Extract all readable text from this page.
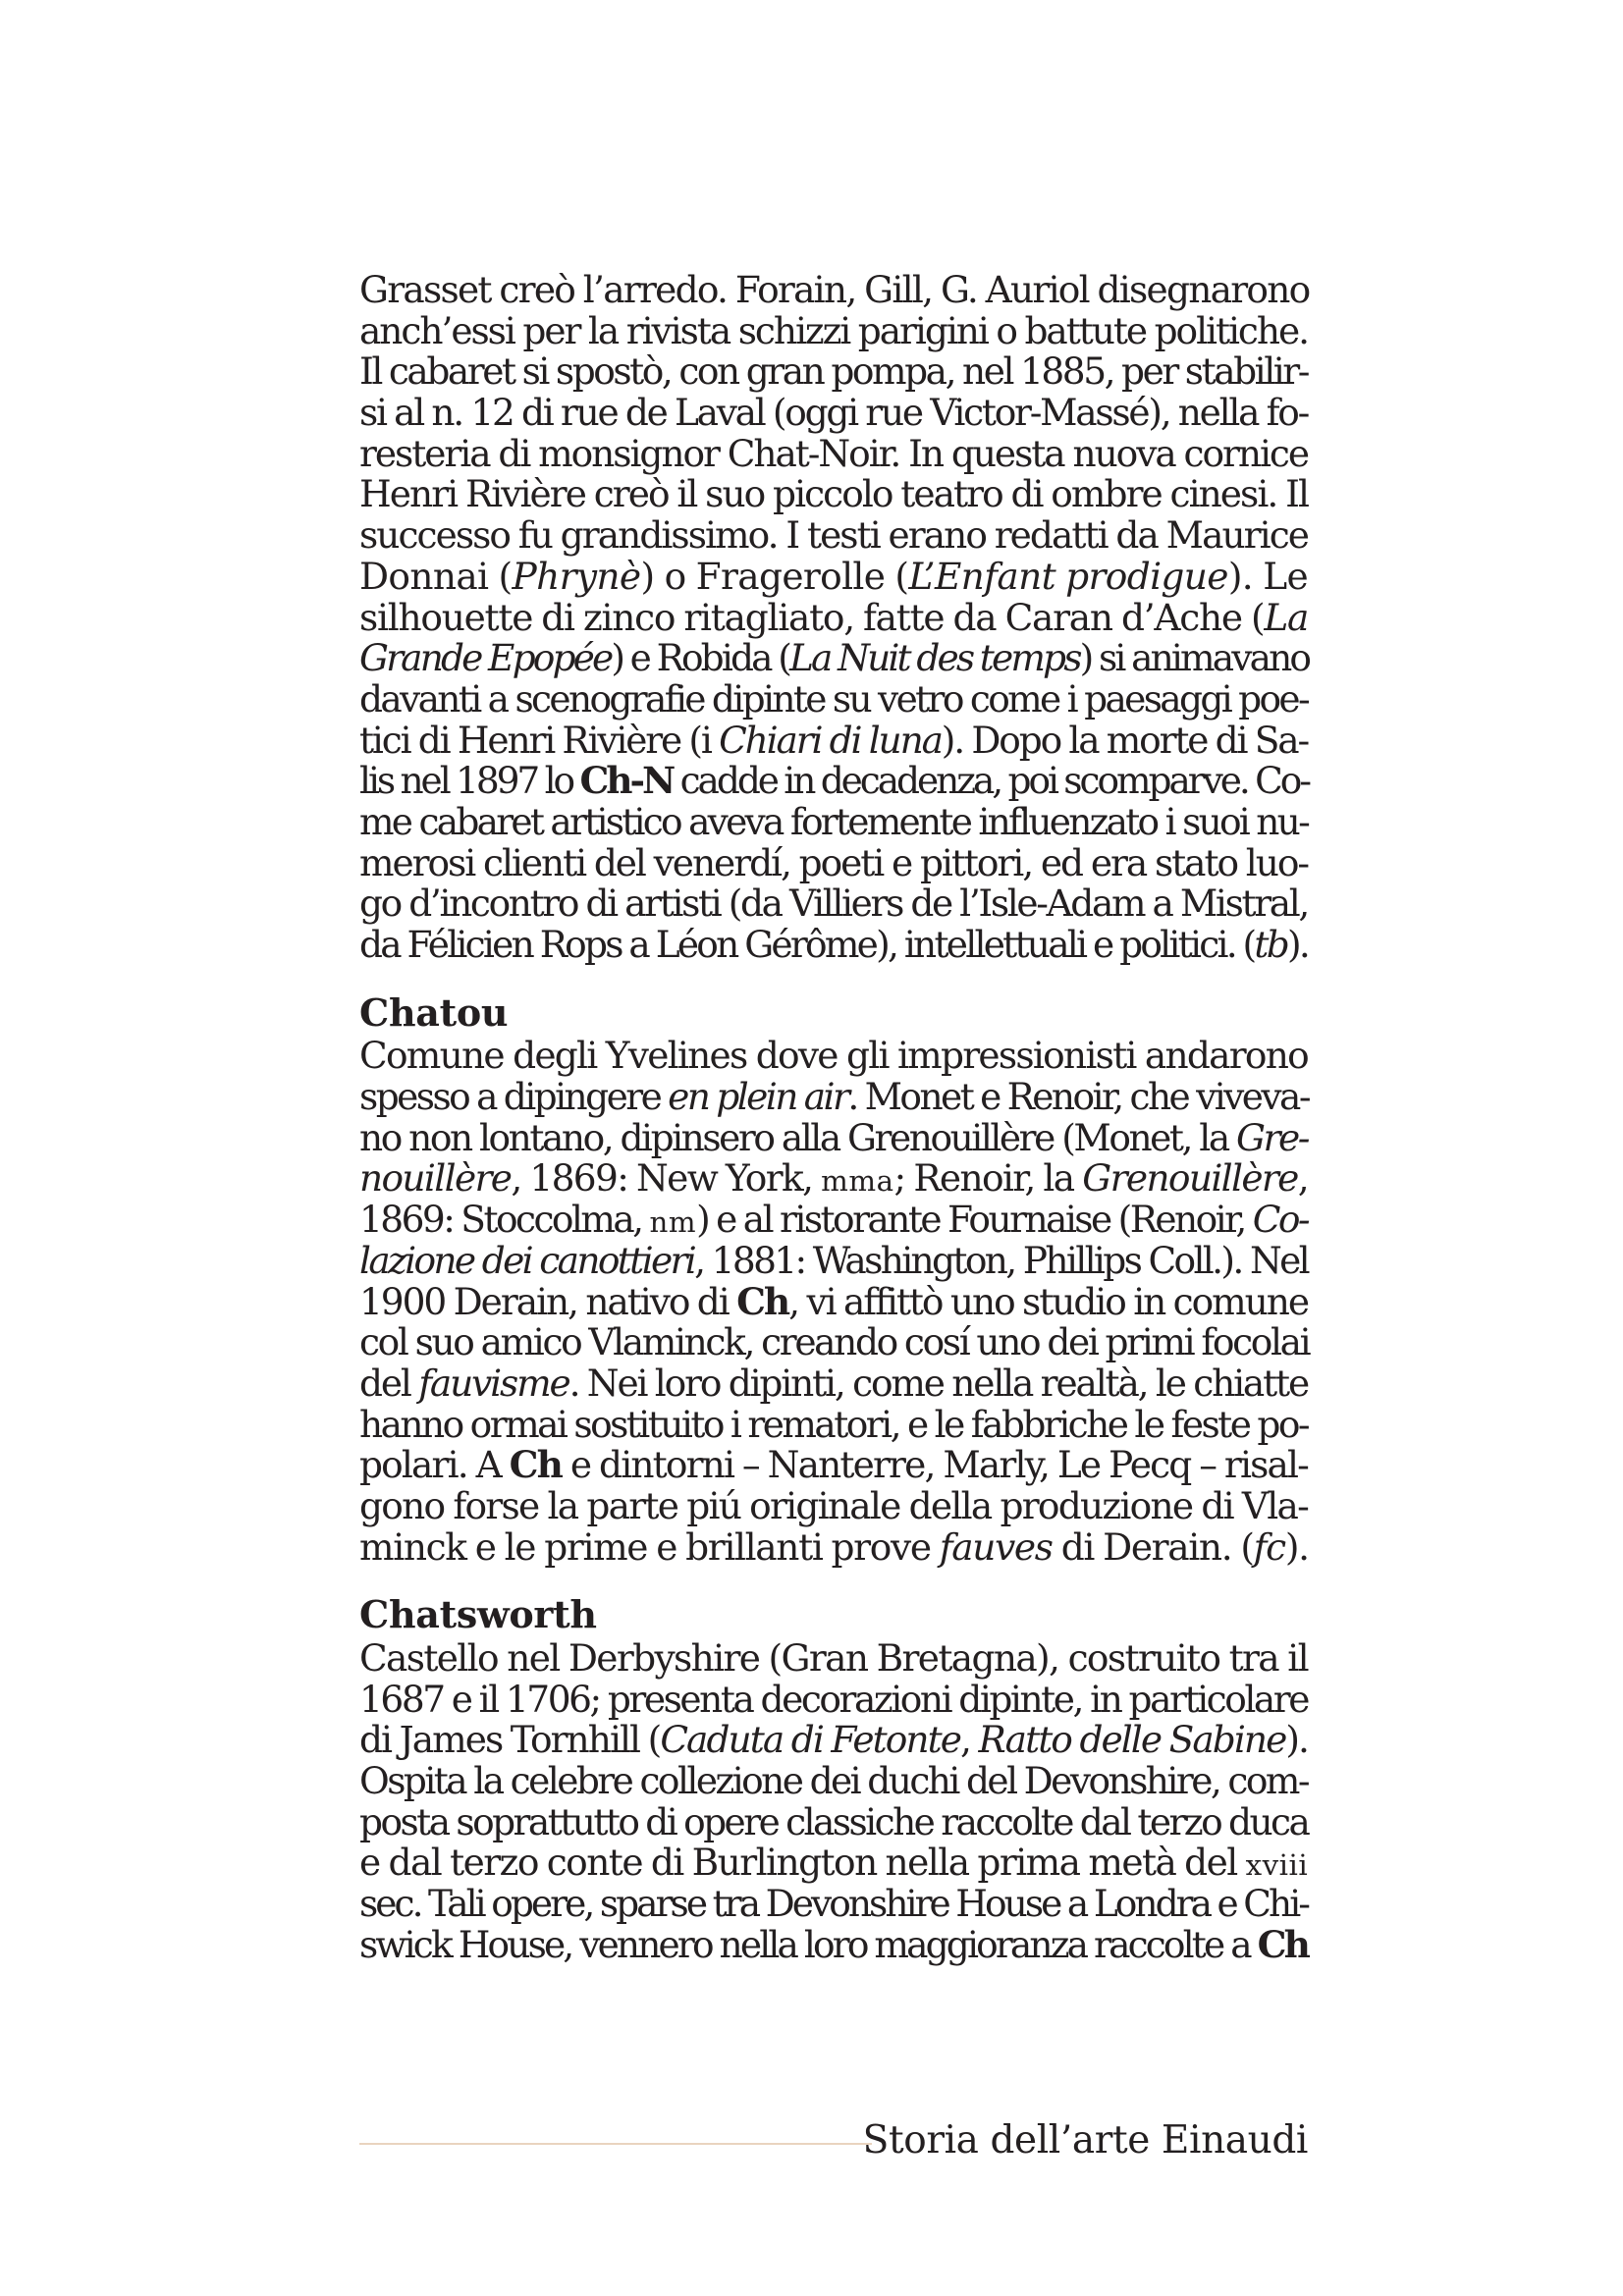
Grasset creò l’arredo. Forain, Gill, G. Auriol disegnarono
anch’essi per la rivista schizzi parigini o battute politiche.
Il cabaret si spostò, con gran pompa, nel 1885, per stabilir-
si al n. 12 di rue de Laval (oggi rue Victor-Massé), nella fo-
resteria di monsignor Chat-Noir. In questa nuova cornice
Henri Rivière creò il suo piccolo teatro di ombre cinesi. Il
successo fu grandissimo. I testi erano redatti da Maurice
Donnai (Phrynè) o Fragerolle (L’Enfant prodigue). Le
silhouette di zinco ritagliato, fatte da Caran d’Ache (La
Grande Epopée) e Robida (La Nuit des temps) si animavano
davanti a scenografie dipinte su vetro come i paesaggi poe-
tici di Henri Rivière (i Chiari di luna). Dopo la morte di Sa-
lis nel 1897 lo Ch-N cadde in decadenza, poi scomparve. Co-
me cabaret artistico aveva fortemente influenzato i suoi nu-
merosi clienti del venerdí, poeti e pittori, ed era stato luo-
go d’incontro di artisti (da Villiers de l’Isle-Adam a Mistral,
da Félicien Rops a Léon Gérôme), intellettuali e politici. (tb).
Chatou
Comune degli Yvelines dove gli impressionisti andarono
spesso a dipingere en plein air. Monet e Renoir, che viveva-
no non lontano, dipinsero alla Grenouillère (Monet, la Gre-
nouillère, 1869: New York, mma; Renoir, la Grenouillère,
1869: Stoccolma, nm) e al ristorante Fournaise (Renoir, Co-
lazione dei canottieri, 1881: Washington, Phillips Coll.). Nel
1900 Derain, nativo di Ch, vi affittò uno studio in comune
col suo amico Vlaminck, creando cosí uno dei primi focolai
del fauvisme. Nei loro dipinti, come nella realtà, le chiatte
hanno ormai sostituito i rematori, e le fabbriche le feste po-
polari. A Ch e dintorni – Nanterre, Marly, Le Pecq – risal-
gono forse la parte piú originale della produzione di Vla-
minck e le prime e brillanti prove fauves di Derain. (fc).
Chatsworth
Castello nel Derbyshire (Gran Bretagna), costruito tra il
1687 e il 1706; presenta decorazioni dipinte, in particolare
di James Tornhill (Caduta di Fetonte, Ratto delle Sabine).
Ospita la celebre collezione dei duchi del Devonshire, com-
posta soprattutto di opere classiche raccolte dal terzo duca
e dal terzo conte di Burlington nella prima metà del xviii
sec. Tali opere, sparse tra Devonshire House a Londra e Chi-
swick House, vennero nella loro maggioranza raccolte a Ch
Storia dell’arte Einaudi
